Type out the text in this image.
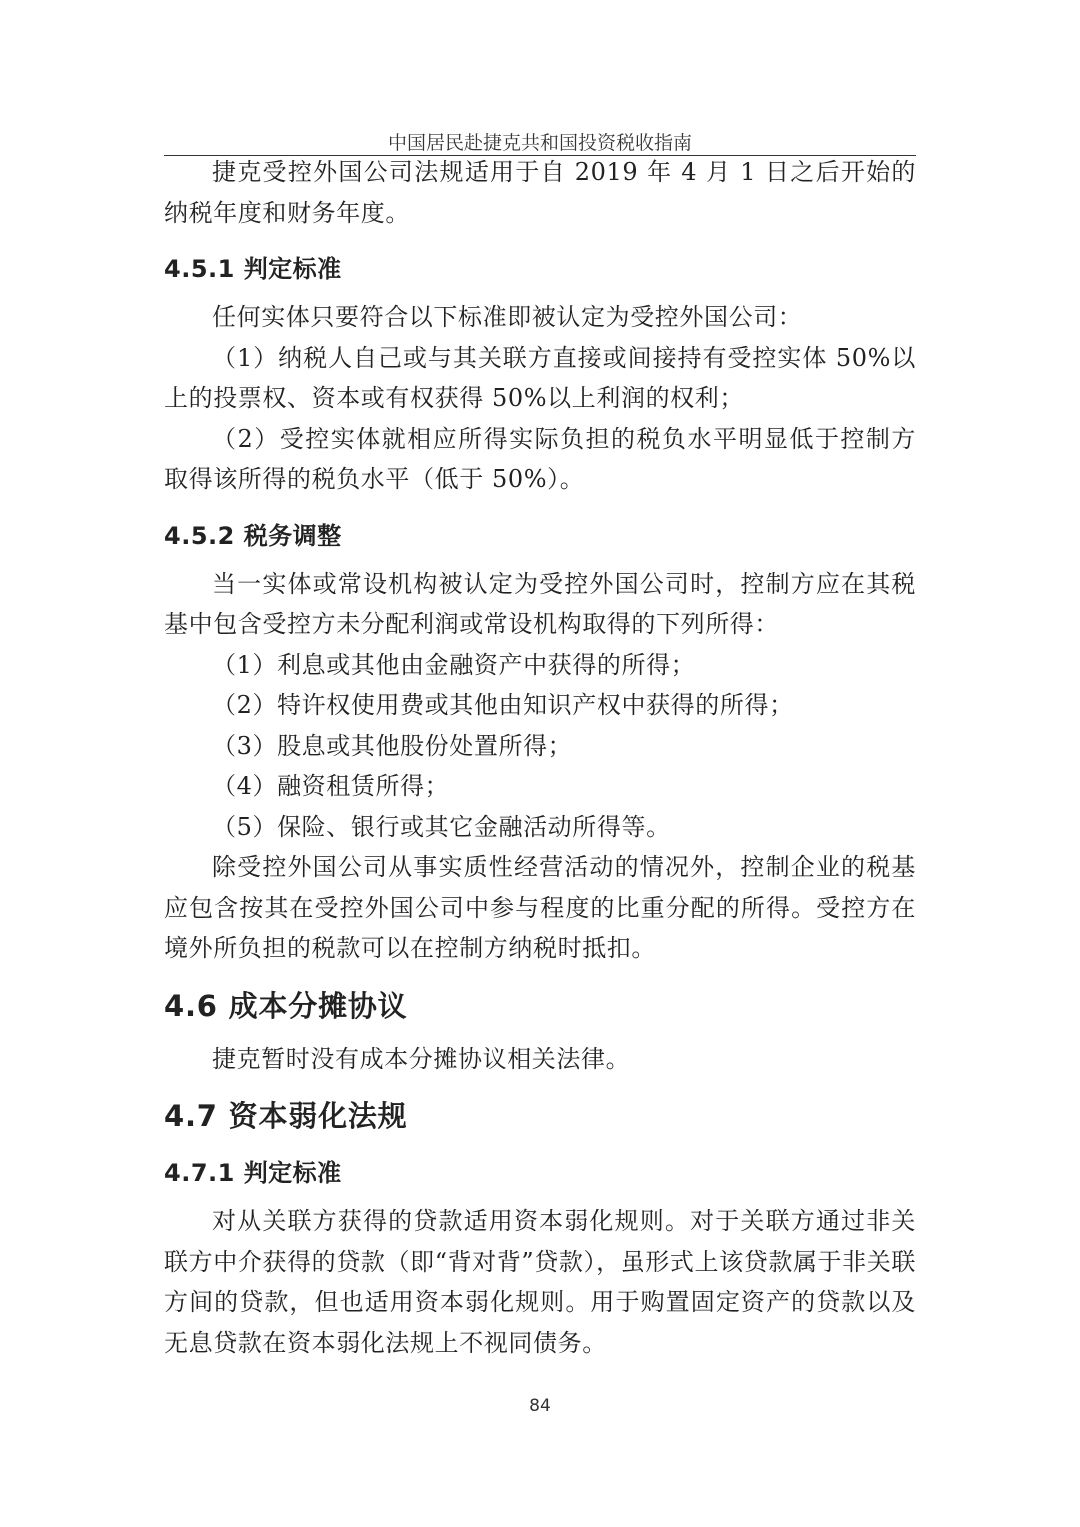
中国居民赴捷克共和国投资税收指南

捷克受控外国公司法规适用于自 2019 年 4 月 1 日之后开始的纳税年度和财务年度。

4.5.1 判定标准

任何实体只要符合以下标准即被认定为受控外国公司：

（1）纳税人自己或与其关联方直接或间接持有受控实体 50%以上的投票权、资本或有权获得 50%以上利润的权利；

（2）受控实体就相应所得实际负担的税负水平明显低于控制方取得该所得的税负水平（低于 50%）。

4.5.2 税务调整

当一实体或常设机构被认定为受控外国公司时，控制方应在其税基中包含受控方未分配利润或常设机构取得的下列所得：

（1）利息或其他由金融资产中获得的所得；

（2）特许权使用费或其他由知识产权中获得的所得；

（3）股息或其他股份处置所得；

（4）融资租赁所得；

（5）保险、银行或其它金融活动所得等。

除受控外国公司从事实质性经营活动的情况外，控制企业的税基应包含按其在受控外国公司中参与程度的比重分配的所得。受控方在境外所负担的税款可以在控制方纳税时抵扣。

4.6 成本分摊协议

捷克暂时没有成本分摊协议相关法律。

4.7 资本弱化法规
4.7.1 判定标准

对从关联方获得的贷款适用资本弱化规则。对于关联方通过非关联方中介获得的贷款（即“背对背”贷款），虽形式上该贷款属于非关联方间的贷款，但也适用资本弱化规则。用于购置固定资产的贷款以及无息贷款在资本弱化法规上不视同债务。

84
